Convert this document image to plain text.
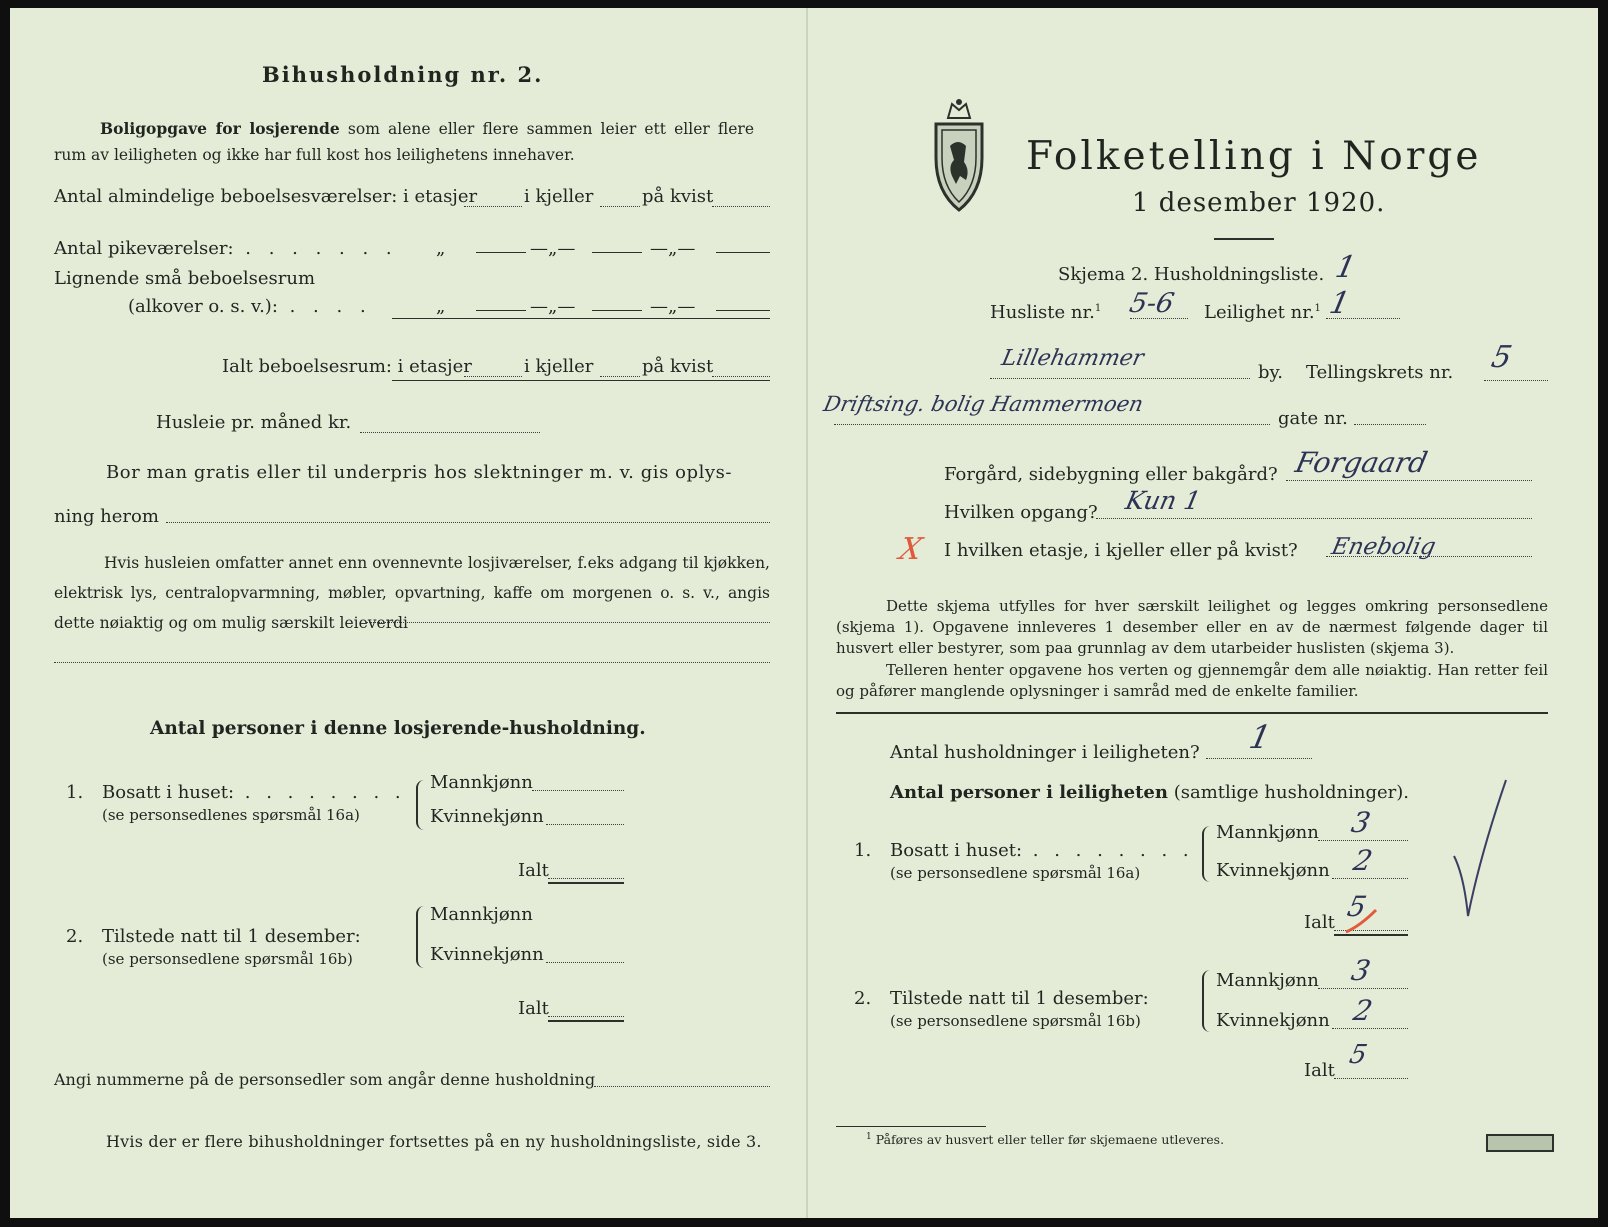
Bihusholdning nr. 2.
Boligopgave for losjerende som alene eller flere sammen leier ett eller flere rum av leiligheten og ikke har full kost hos leilighetens innehaver.
Antal almindelige beboelsesværelser: i etasjer	i kjeller	på kvist
Antal pikeværelser: . . . . . . . „	—„—	—„—
Lignende små beboelsesrum
(alkover o. s. v.): . . . .	„	—„—	—„—
Ialt beboelsesrum: i etasjer	i kjeller	på kvist
Husleie pr. måned kr.
Bor man gratis eller til underpris hos slektninger m. v. gis oplys-
ning herom
Hvis husleien omfatter annet enn ovennevnte losjiværelser, f.eks adgang til kjøkken, elektrisk lys, centralopvarmning, møbler, opvartning, kaffe om morgenen o. s. v., angis dette nøiaktig og om mulig særskilt leieverdi
Antal personer i denne losjerende-husholdning.
1. Bosatt i huset: . . . . . . . .
(se personsedlenes spørsmål 16a)
Mannkjønn
Kvinnekjønn
Ialt
2. Tilstede natt til 1 desember:
(se personsedlene spørsmål 16b)
Mannkjønn
Kvinnekjønn
Ialt
Angi nummerne på de personsedler som angår denne husholdning
Hvis der er flere bihusholdninger fortsettes på en ny husholdningsliste, side 3.
Folketelling i Norge
1 desember 1920.
Skjema 2. Husholdningsliste. 1
Husliste nr.$^1$ 5-6 Leilighet nr.$^1$ 1
Lillehammer
by. Tellingskrets nr. 5
Driftsing. bolig Hammermoen
gate nr.
Forgård, sidebygning eller bakgård? Forgaard
Hvilken opgang? Kun 1
X I hvilken etasje, i kjeller eller på kvist? Enebolig
Dette skjema utfylles for hver særskilt leilighet og legges omkring personsedlene (skjema 1). Opgavene innleveres 1 desember eller en av de nærmest følgende dager til husvert eller bestyrer, som paa grunnlag av dem utarbeider huslisten (skjema 3).
Telleren henter opgavene hos verten og gjennemgår dem alle nøiaktig. Han retter feil og påfører manglende oplysninger i samråd med de enkelte familier.
Antal husholdninger i leiligheten? 1
Antal personer i leiligheten (samtlige husholdninger).
1. Bosatt i huset: . . . . . . . .
(se personsedlene spørsmål 16a)
Mannkjønn 3
Kvinnekjønn 2
Ialt 5
2. Tilstede natt til 1 desember:
(se personsedlene spørsmål 16b)
Mannkjønn 3
Kvinnekjønn 2
Ialt
5
$^1$ Påføres av husvert eller teller før skjemaene utleveres.
